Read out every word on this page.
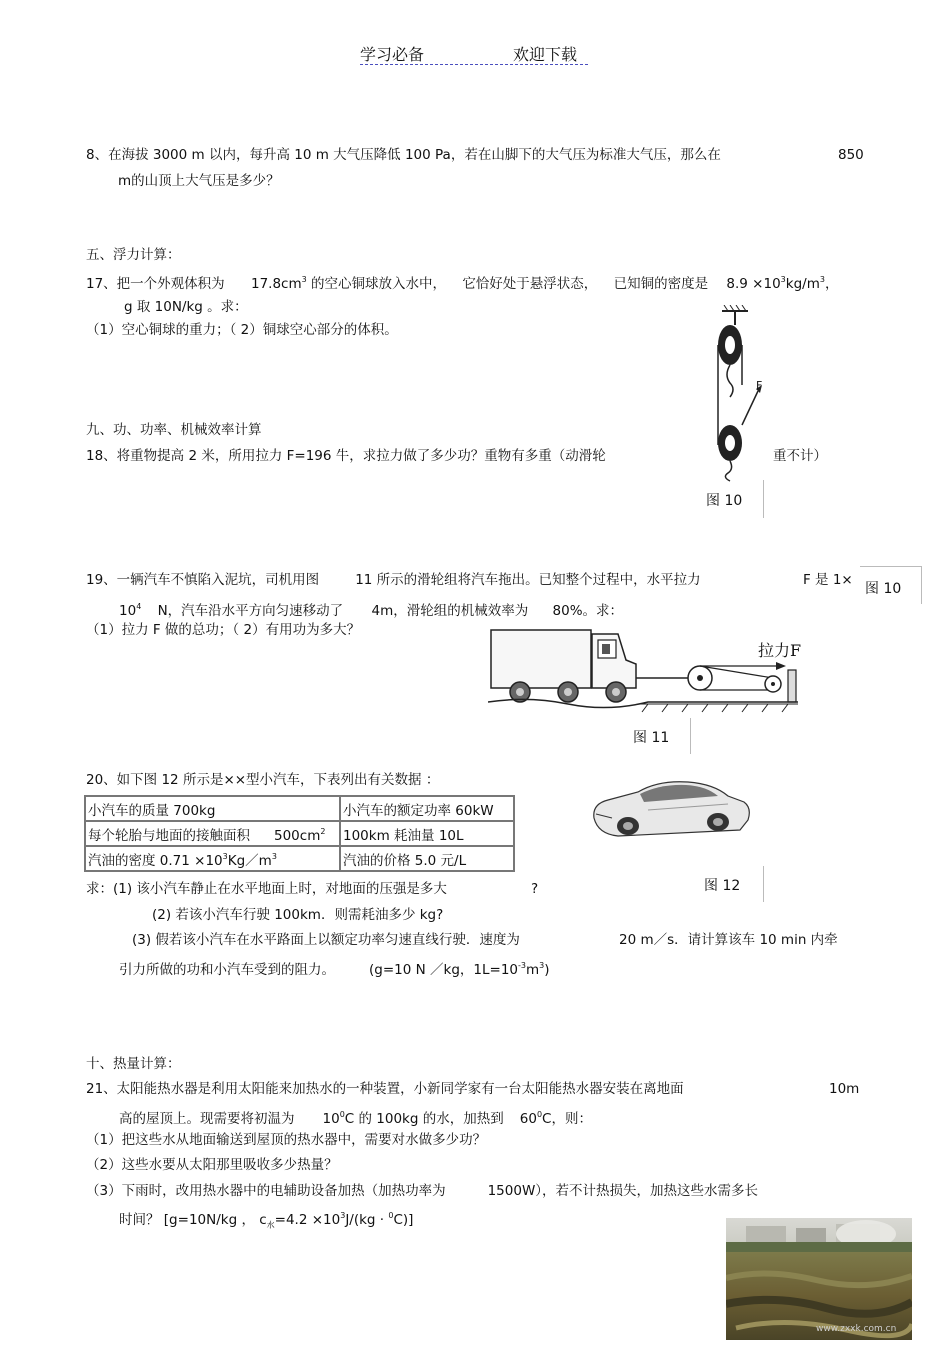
学习必备	欢迎下载
8、在海拔 3000 m 以内，每升高 10 m 大气压降低 100 Pa，若在山脚下的大气压为标准大气压，那么在	850
m的山顶上大气压是多少？
五、浮力计算：
17、把一个外观体积为 $17.8cm^3$ 的空心铜球放入水中， 它恰好处于悬浮状态， 已知铜的密度是 $8.9 \times 10^3kg/m^3$，
g 取 10N/kg 。求：
（1）空心铜球的重力；（ 2）铜球空心部分的体积。
F
九、功、功率、机械效率计算
18、将重物提高 2 米，所用拉力 F=196 牛，求拉力做了多少功？重物有多重（动滑轮	重不计）
图 10
图 10
19、一辆汽车不慎陷入泥坑，司机用图	11 所示的滑轮组将汽车拖出。已知整个过程中，水平拉力	F 是 1×
$10^4$ N，汽车沿水平方向匀速移动了 4m，滑轮组的机械效率为 80%。求：
（1）拉力 F 做的总功；（ 2）有用功为多大？
拉力F
图 11
20、如下图 12 所示是××型小汽车，下表列出有关数据 ：
小汽车的质量 700kg	小汽车的额定功率 60kW
每个轮胎与地面的接触面积 $500cm^2$	100km 耗油量 10L
汽油的密度 $0.71 \times 10^3Kg/m^3$	汽油的价格 5.0 元/L
图 12
求：(1) 该小汽车静止在水平地面上时，对地面的压强是多大	?
(2) 若该小汽车行驶 100km．则需耗油多少 kg?
(3) 假若该小汽车在水平路面上以额定功率匀速直线行驶．速度为	20 m／s．请计算该车 10 min 内牵
引力所做的功和小汽车受到的阻力。	(g=10 N ／kg，$1L=10^{-3}m^3$)
十、热量计算：
21、太阳能热水器是利用太阳能来加热水的一种装置，小新同学家有一台太阳能热水器安装在离地面	10m
高的屋顶上。现需要将初温为 $10^0C$ 的 100kg 的水，加热到 $60^0C$，则：
（1）把这些水从地面输送到屋顶的热水器中，需要对水做多少功？
（2）这些水要从太阳那里吸收多少热量？
（3）下雨时，改用热水器中的电辅助设备加热（加热功率为	1500W），若不计热损失，加热这些水需多长
时间？ [g=10N/kg ， $c_水=4.2 \times 10^3J/(kg \cdot ^0C)$]
www.zxxk.com.cn
